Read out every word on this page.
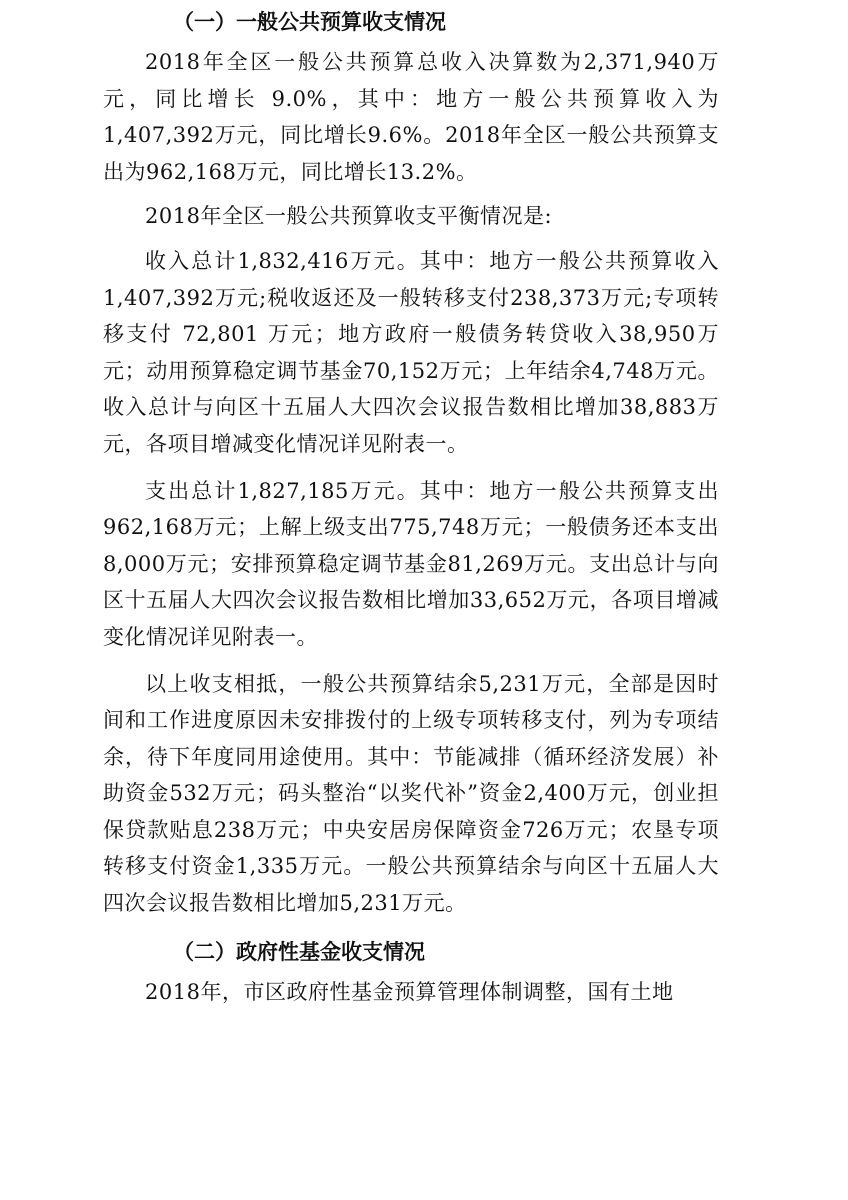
（一）一般公共预算收支情况

2018年全区一般公共预算总收入决算数为2,371,940万元，同比增长 9.0%，其中：地方一般公共预算收入为1,407,392万元，同比增长9.6%。2018年全区一般公共预算支出为962,168万元，同比增长13.2%。

2018年全区一般公共预算收支平衡情况是:

收入总计1,832,416万元。其中：地方一般公共预算收入1,407,392万元;税收返还及一般转移支付238,373万元;专项转移支付 72,801 万元；地方政府一般债务转贷收入38,950万元；动用预算稳定调节基金70,152万元；上年结余4,748万元。收入总计与向区十五届人大四次会议报告数相比增加38,883万元，各项目增减变化情况详见附表一。

支出总计1,827,185万元。其中：地方一般公共预算支出962,168万元；上解上级支出775,748万元；一般债务还本支出8,000万元；安排预算稳定调节基金81,269万元。支出总计与向区十五届人大四次会议报告数相比增加33,652万元，各项目增减变化情况详见附表一。

以上收支相抵，一般公共预算结余5,231万元，全部是因时间和工作进度原因未安排拨付的上级专项转移支付，列为专项结余，待下年度同用途使用。其中：节能减排（循环经济发展）补助资金532万元；码头整治“以奖代补”资金2,400万元，创业担保贷款贴息238万元；中央安居房保障资金726万元；农垦专项转移支付资金1,335万元。一般公共预算结余与向区十五届人大四次会议报告数相比增加5,231万元。

（二）政府性基金收支情况

2018年，市区政府性基金预算管理体制调整，国有土地
